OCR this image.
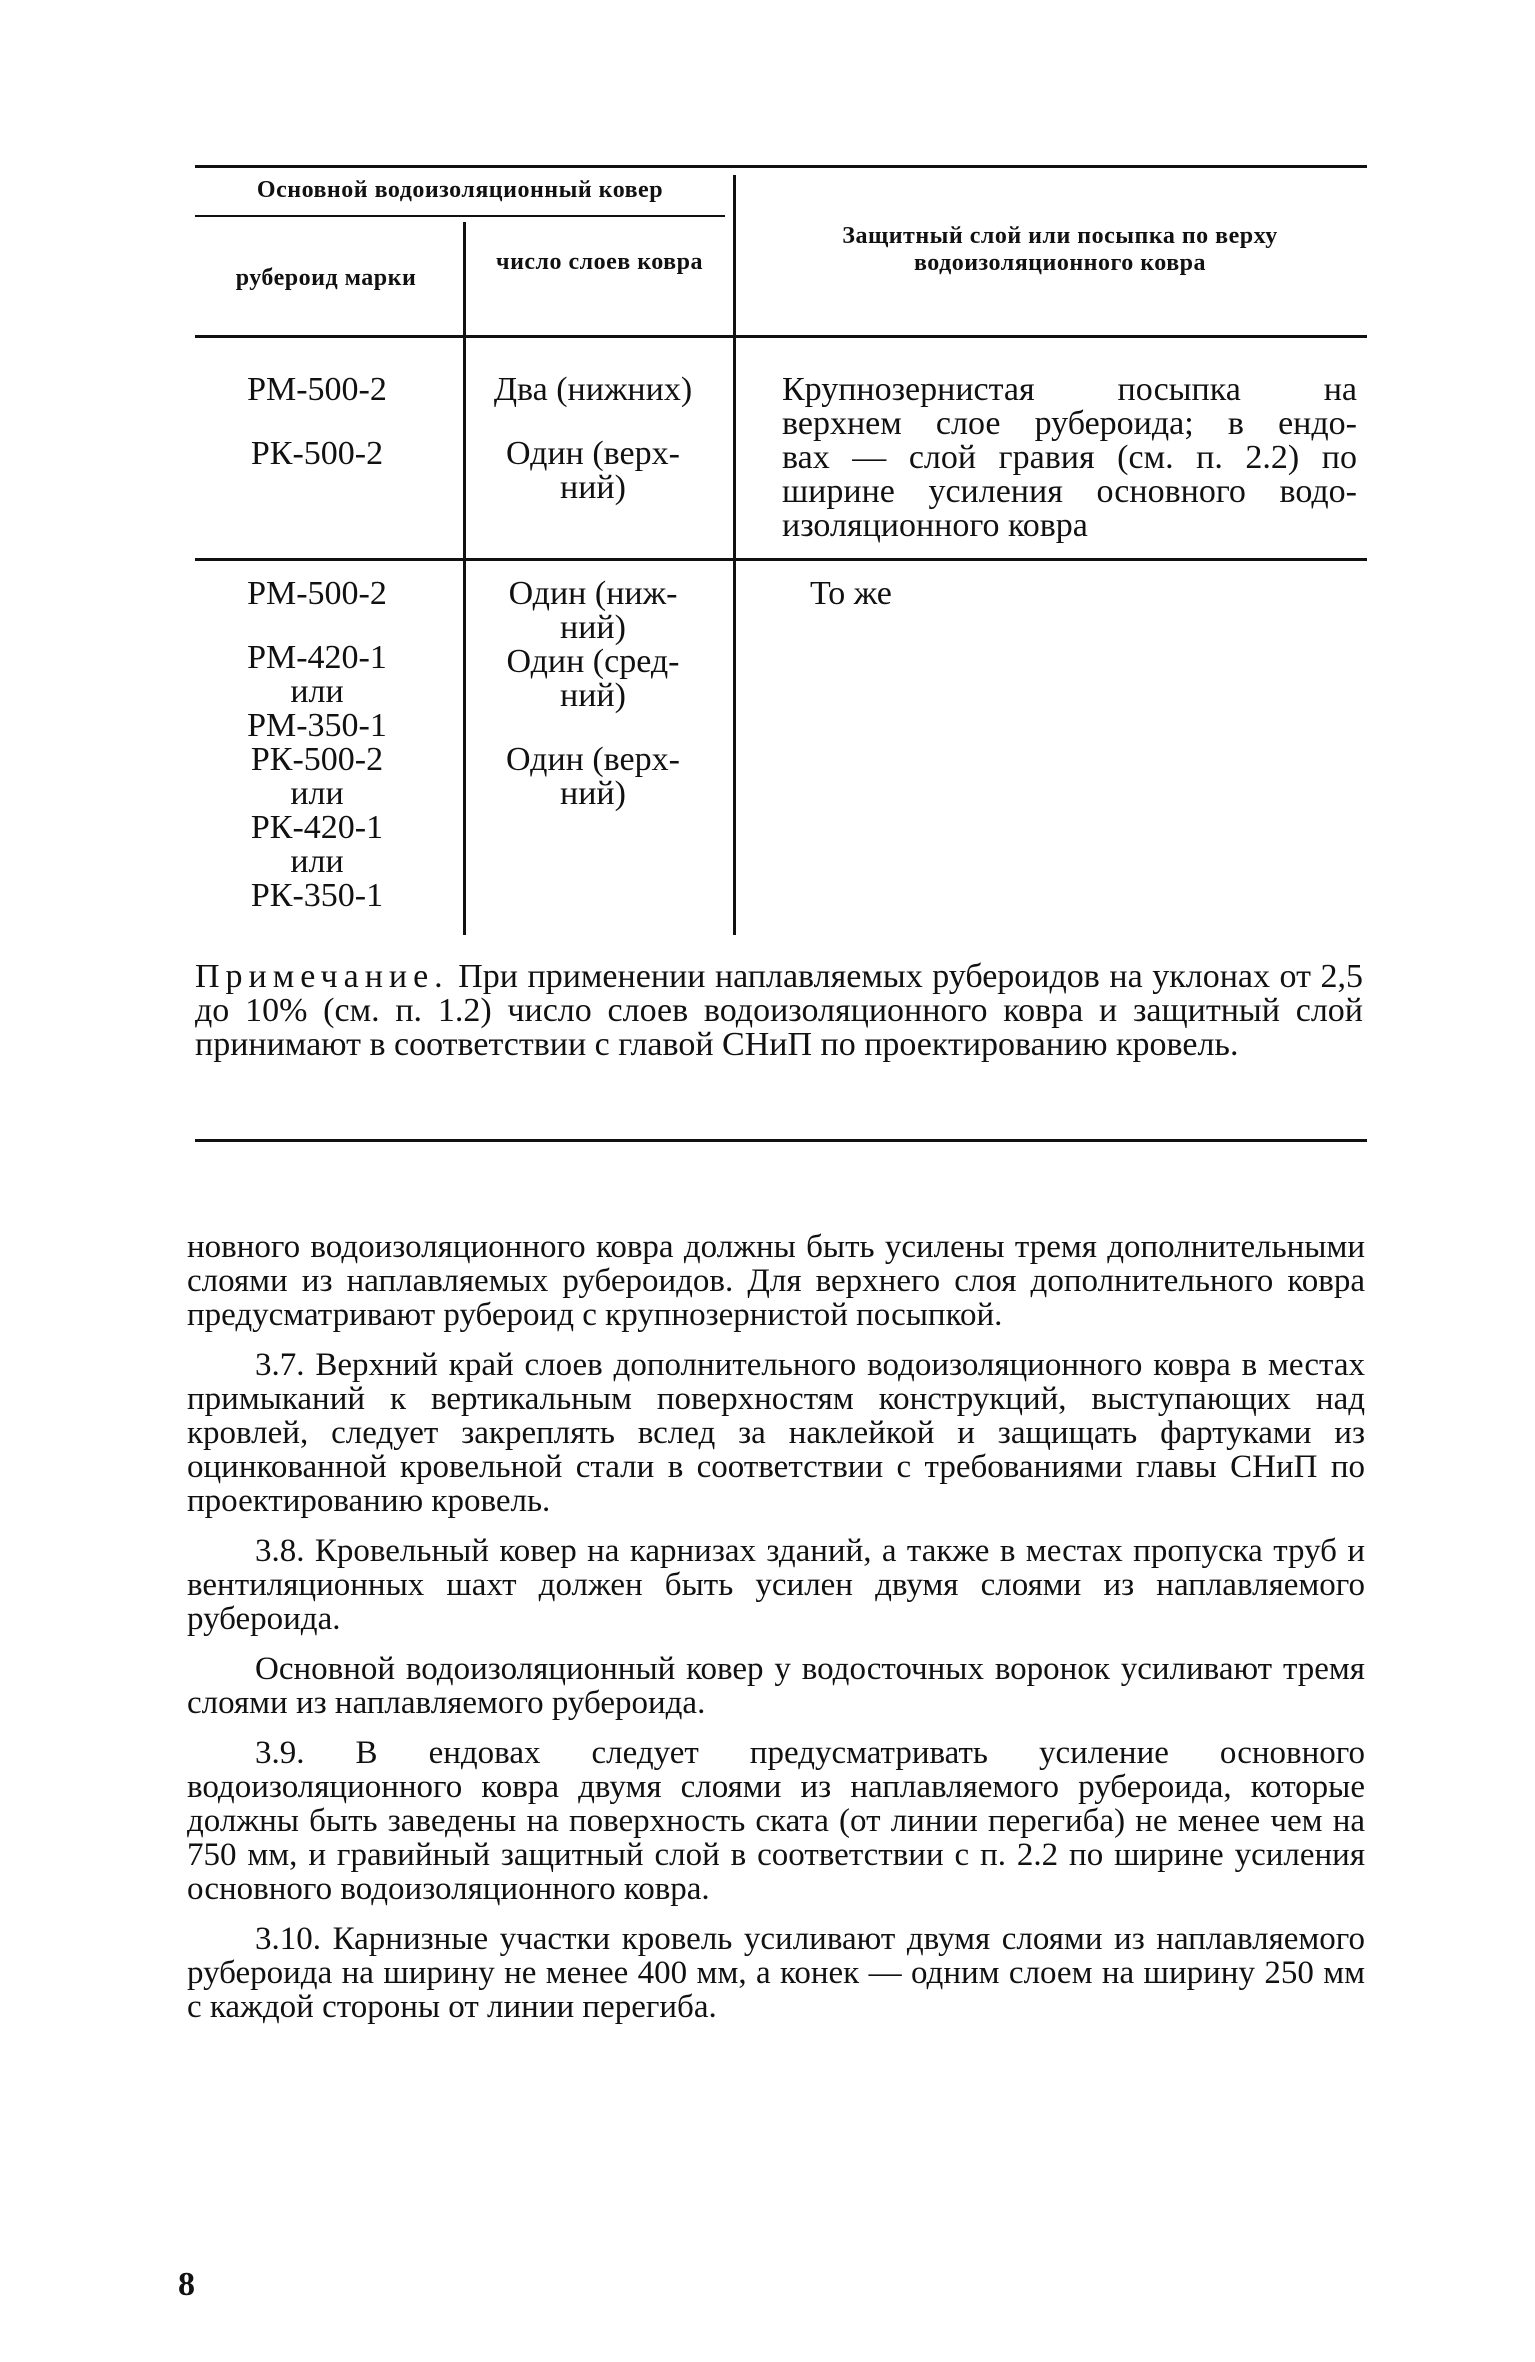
Основной водоизоляционный ковер
рубероид марки
число слоев ковра
Защитный слой или посыпка по верху водоизоляционного ковра
РМ-500-2
РК-500-2
Два (нижних)
Один (верх-
ний)
Крупнозернистая посыпка на
верхнем слое рубероида; в ендо-
вах — слой гравия (см. п. 2.2) по
ширине усиления основного водо-
изоляционного ковра
РМ-500-2
РМ-420-1
или
РМ-350-1
РК-500-2
или
РК-420-1
или
РК-350-1
Один (ниж-
ний)
Один (сред-
ний)
Один (верх-
ний)
То же
Примечание. При применении наплавляемых рубероидов на уклонах от 2,5 до 10% (см. п. 1.2) число слоев водоизоляционного ковра и защитный слой принимают в соответствии с главой СНиП по проектированию кровель.

новного водоизоляционного ковра должны быть усилены тремя дополнительными слоями из наплавляемых рубероидов. Для верхнего слоя дополнительного ковра предусматривают рубероид с крупнозернистой посыпкой.

3.7. Верхний край слоев дополнительного водоизоляционного ковра в местах примыканий к вертикальным поверхностям конструкций, выступающих над кровлей, следует закреплять вслед за наклейкой и защищать фартуками из оцинкованной кровельной стали в соответствии с требованиями главы СНиП по проектированию кровель.

3.8. Кровельный ковер на карнизах зданий, а также в местах пропуска труб и вентиляционных шахт должен быть усилен двумя слоями из наплавляемого рубероида.

Основной водоизоляционный ковер у водосточных воронок усиливают тремя слоями из наплавляемого рубероида.

3.9. В ендовах следует предусматривать усиление основного водоизоляционного ковра двумя слоями из наплавляемого рубероида, которые должны быть заведены на поверхность ската (от линии перегиба) не менее чем на 750 мм, и гравийный защитный слой в соответствии с п. 2.2 по ширине усиления основного водоизоляционного ковра.

3.10. Карнизные участки кровель усиливают двумя слоями из наплавляемого рубероида на ширину не менее 400 мм, а конек — одним слоем на ширину 250 мм с каждой стороны от линии перегиба.

8
